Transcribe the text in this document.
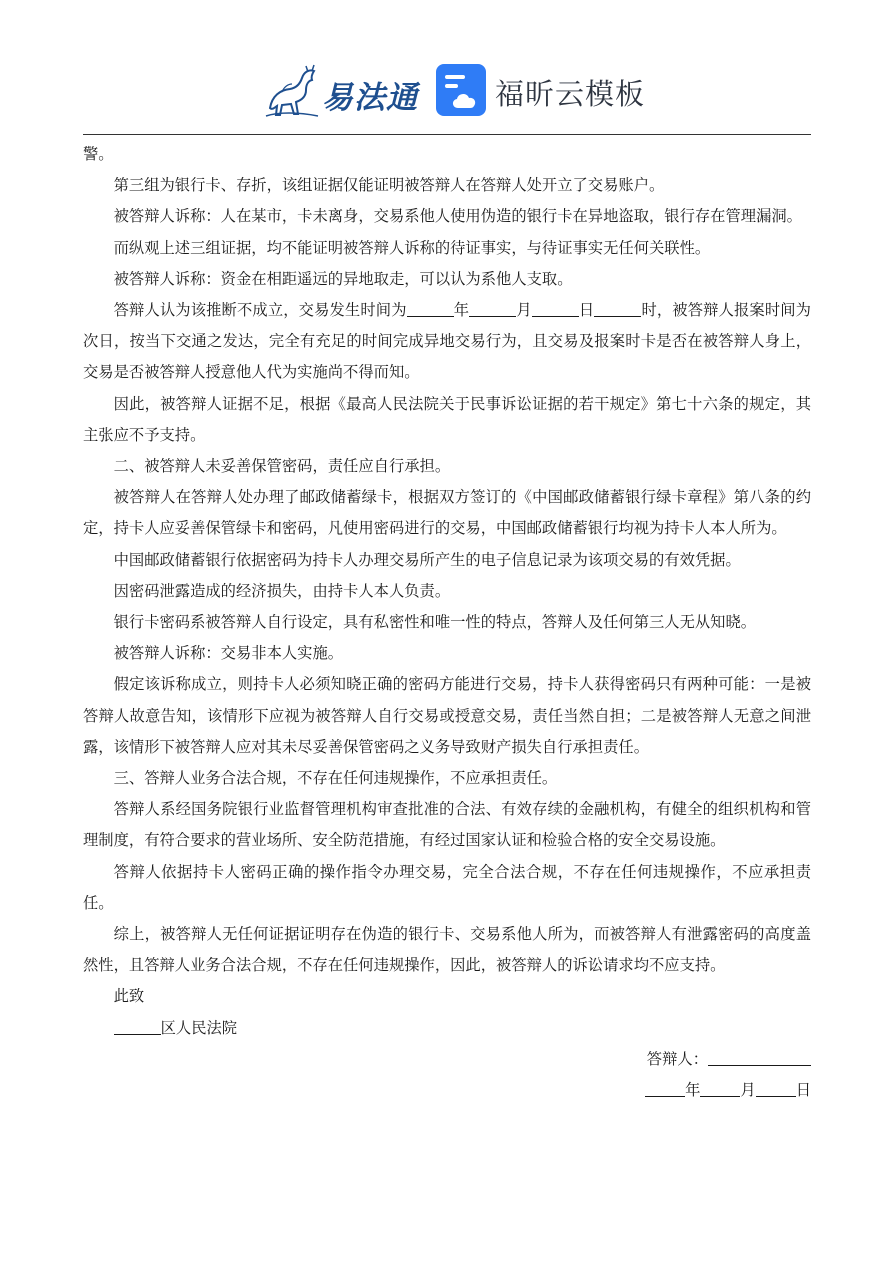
易法通	福昕云模板

警。

第三组为银行卡、存折，该组证据仅能证明被答辩人在答辩人处开立了交易账户。

被答辩人诉称：人在某市，卡未离身，交易系他人使用伪造的银行卡在异地盗取，银行存在管理漏洞。

而纵观上述三组证据，均不能证明被答辩人诉称的待证事实，与待证事实无任何关联性。

被答辩人诉称：资金在相距遥远的异地取走，可以认为系他人支取。

答辩人认为该推断不成立，交易发生时间为	年	月	日	时，被答辩人报案时间为次日，按当下交通之发达，完全有充足的时间完成异地交易行为，且交易及报案时卡是否在被答辩人身上，交易是否被答辩人授意他人代为实施尚不得而知。

因此，被答辩人证据不足，根据《最高人民法院关于民事诉讼证据的若干规定》第七十六条的规定，其主张应不予支持。

二、被答辩人未妥善保管密码，责任应自行承担。

被答辩人在答辩人处办理了邮政储蓄绿卡，根据双方签订的《中国邮政储蓄银行绿卡章程》第八条的约定，持卡人应妥善保管绿卡和密码，凡使用密码进行的交易，中国邮政储蓄银行均视为持卡人本人所为。

中国邮政储蓄银行依据密码为持卡人办理交易所产生的电子信息记录为该项交易的有效凭据。

因密码泄露造成的经济损失，由持卡人本人负责。

银行卡密码系被答辩人自行设定，具有私密性和唯一性的特点，答辩人及任何第三人无从知晓。

被答辩人诉称：交易非本人实施。

假定该诉称成立，则持卡人必须知晓正确的密码方能进行交易，持卡人获得密码只有两种可能：一是被答辩人故意告知，该情形下应视为被答辩人自行交易或授意交易，责任当然自担；二是被答辩人无意之间泄露，该情形下被答辩人应对其未尽妥善保管密码之义务导致财产损失自行承担责任。

三、答辩人业务合法合规，不存在任何违规操作，不应承担责任。

答辩人系经国务院银行业监督管理机构审查批准的合法、有效存续的金融机构，有健全的组织机构和管理制度，有符合要求的营业场所、安全防范措施，有经过国家认证和检验合格的安全交易设施。

答辩人依据持卡人密码正确的操作指令办理交易，完全合法合规，不存在任何违规操作，不应承担责任。

综上，被答辩人无任何证据证明存在伪造的银行卡、交易系他人所为，而被答辩人有泄露密码的高度盖然性，且答辩人业务合法合规，不存在任何违规操作，因此，被答辩人的诉讼请求均不应支持。

此致

区人民法院

答辩人：

年	月	日
